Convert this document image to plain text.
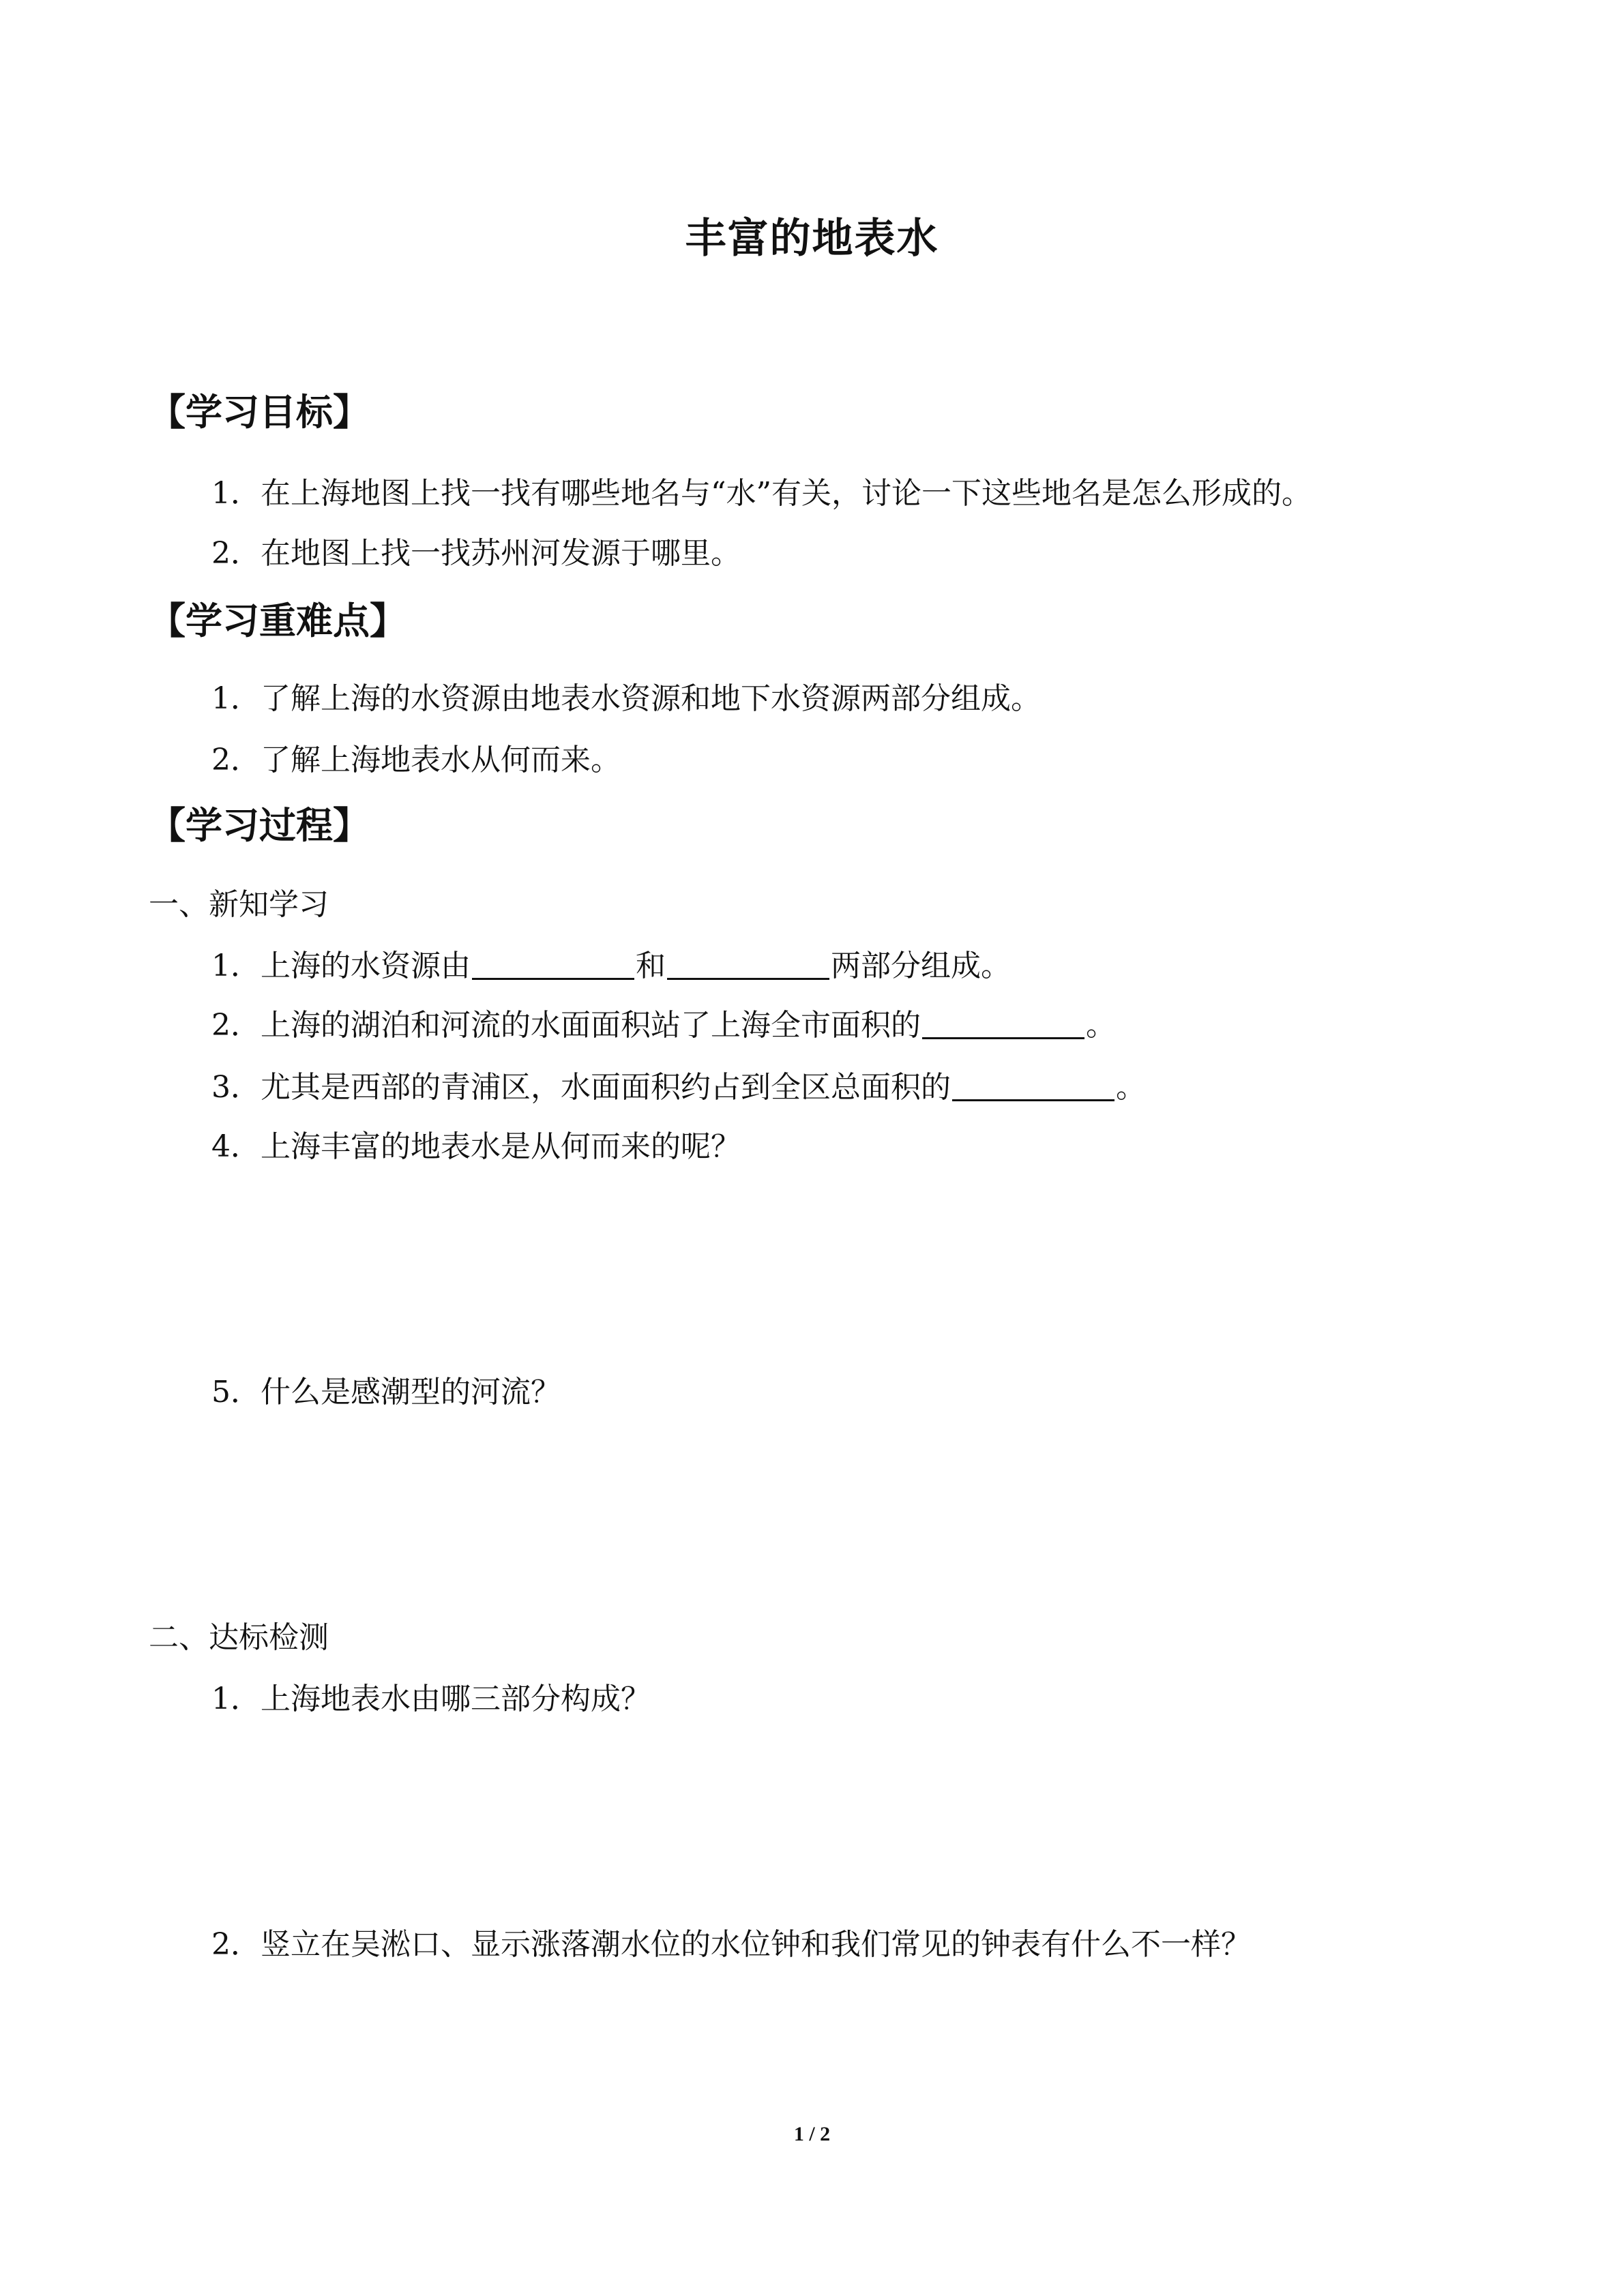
丰富的地表水
【学习目标】
1．在上海地图上找一找有哪些地名与“水”有关，讨论一下这些地名是怎么形成的。
2．在地图上找一找苏州河发源于哪里。
【学习重难点】
1．了解上海的水资源由地表水资源和地下水资源两部分组成。
2．了解上海地表水从何而来。
【学习过程】
一、新知学习
1．上海的水资源由	和	两部分组成。
2．上海的湖泊和河流的水面面积站了上海全市面积的	。
3．尤其是西部的青浦区，水面面积约占到全区总面积的	。
4．上海丰富的地表水是从何而来的呢？
5．什么是感潮型的河流？
二、达标检测
1．上海地表水由哪三部分构成？
2．竖立在吴淞口、显示涨落潮水位的水位钟和我们常见的钟表有什么不一样？
1 / 2
